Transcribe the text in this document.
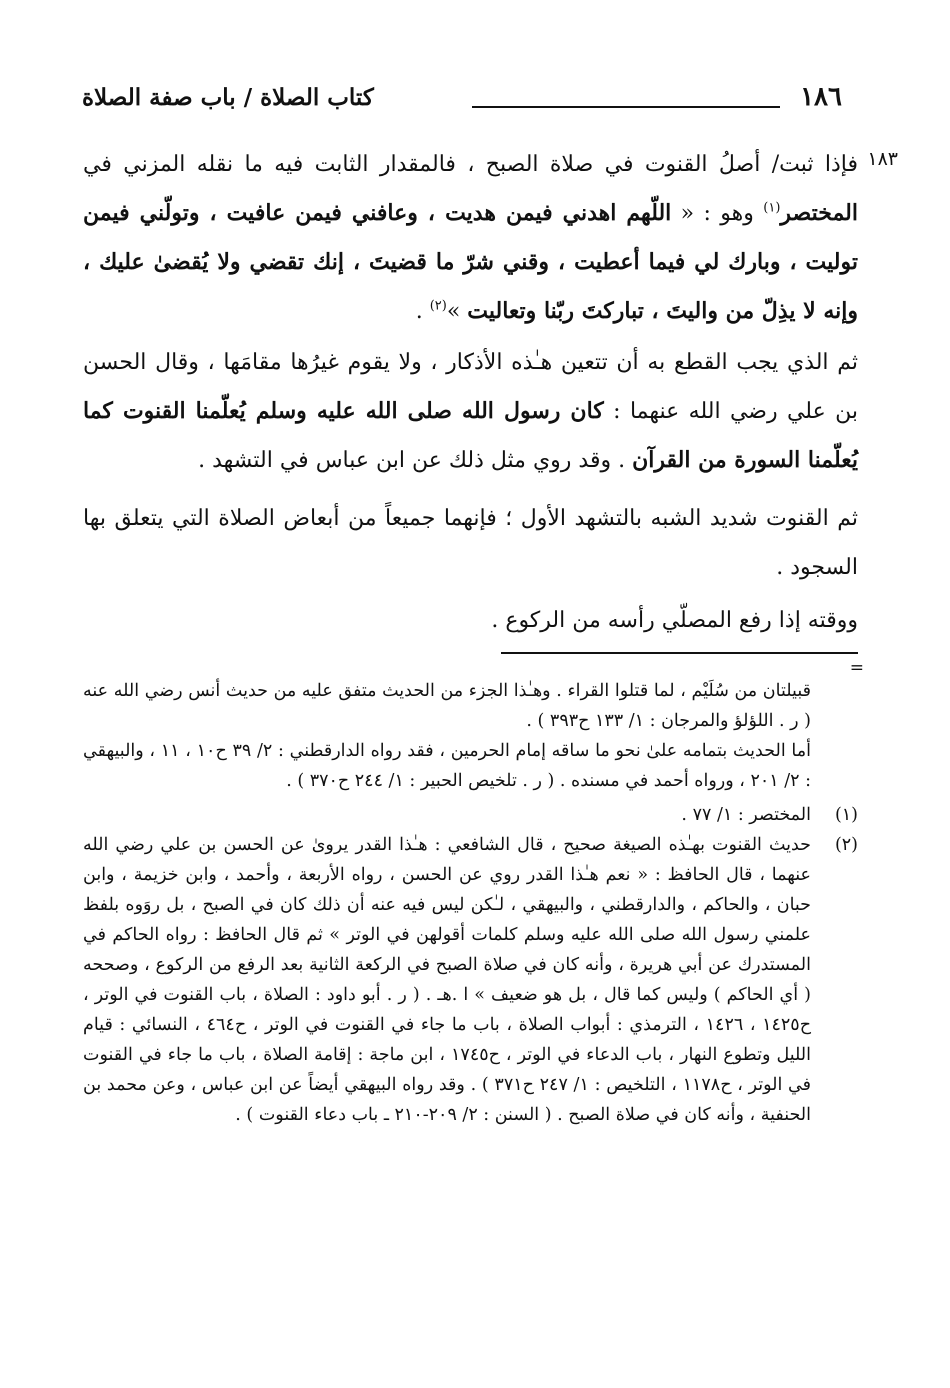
١٨٦
كتاب الصلاة / باب صفة الصلاة
١٨٣

فإذا ثبت/ أصلُ القنوت في صلاة الصبح ، فالمقدار الثابت فيه ما نقله المزني في المختصر$^{(١)}$ وهو : « اللّهم اهدني فيمن هديت ، وعافني فيمن عافيت ، وتولّني فيمن توليت ، وبارك لي فيما أعطيت ، وقني شرّ ما قضيتَ ، إنك تقضي ولا يُقضىٰ عليك ، وإنه لا يذِلّ من واليتَ ، تباركتَ ربّنا وتعاليت »$^{(٢)}$ .

ثم الذي يجب القطع به أن تتعين هـٰذه الأذكار ، ولا يقوم غيرُها مقامَها ، وقال الحسن بن علي رضي الله عنهما : كان رسول الله صلى الله عليه وسلم يُعلّمنا القنوت كما يُعلّمنا السورة من القرآن . وقد روي مثل ذلك عن ابن عباس في التشهد .

ثم القنوت شديد الشبه بالتشهد الأول ؛ فإنهما جميعاً من أبعاض الصلاة التي يتعلق بها السجود .

ووقته إذا رفع المصلّي رأسه من الركوع .

=

قبيلتان من سُلَيْم ، لما قتلوا القراء . وهـٰذا الجزء من الحديث متفق عليه من حديث أنس رضي الله عنه ( ر . اللؤلؤ والمرجان : ١/ ١٣٣ ح٣٩٣ ) .

أما الحديث بتمامه علىٰ نحو ما ساقه إمام الحرمين ، فقد رواه الدارقطني : ٢/ ٣٩ ح١٠ ، ١١ ، والبيهقي : ٢/ ٢٠١ ، ورواه أحمد في مسنده . ( ر . تلخيص الحبير : ١/ ٢٤٤ ح٣٧٠ ) .

(١)
المختصر : ١/ ٧٧ .
(٢)
حديث القنوت بهـٰذه الصيغة صحيح ، قال الشافعي : هـٰذا القدر يروىٰ عن الحسن بن علي رضي الله عنهما ، قال الحافظ : « نعم هـٰذا القدر روي عن الحسن ، رواه الأربعة ، وأحمد ، وابن خزيمة ، وابن حبان ، والحاكم ، والدارقطني ، والبيهقي ، لـٰكن ليس فيه عنه أن ذلك كان في الصبح ، بل روَوه بلفظ علمني رسول الله صلى الله عليه وسلم كلمات أقولهن في الوتر » ثم قال الحافظ : رواه الحاكم في المستدرك عن أبي هريرة ، وأنه كان في صلاة الصبح في الركعة الثانية بعد الرفع من الركوع ، وصححه ( أي الحاكم ) وليس كما قال ، بل هو ضعيف » ا .هـ . ( ر . أبو داود : الصلاة ، باب القنوت في الوتر ، ح١٤٢٥ ، ١٤٢٦ ، الترمذي : أبواب الصلاة ، باب ما جاء في القنوت في الوتر ، ح٤٦٤ ، النسائي : قيام الليل وتطوع النهار ، باب الدعاء في الوتر ، ح١٧٤٥ ، ابن ماجة : إقامة الصلاة ، باب ما جاء في القنوت في الوتر ، ح١١٧٨ ، التلخيص : ١/ ٢٤٧ ح٣٧١ ) . وقد رواه البيهقي أيضاً عن ابن عباس ، وعن محمد بن الحنفية ، وأنه كان في صلاة الصبح . ( السنن : ٢/ ٢٠٩-٢١٠ ـ باب دعاء القنوت ) .
